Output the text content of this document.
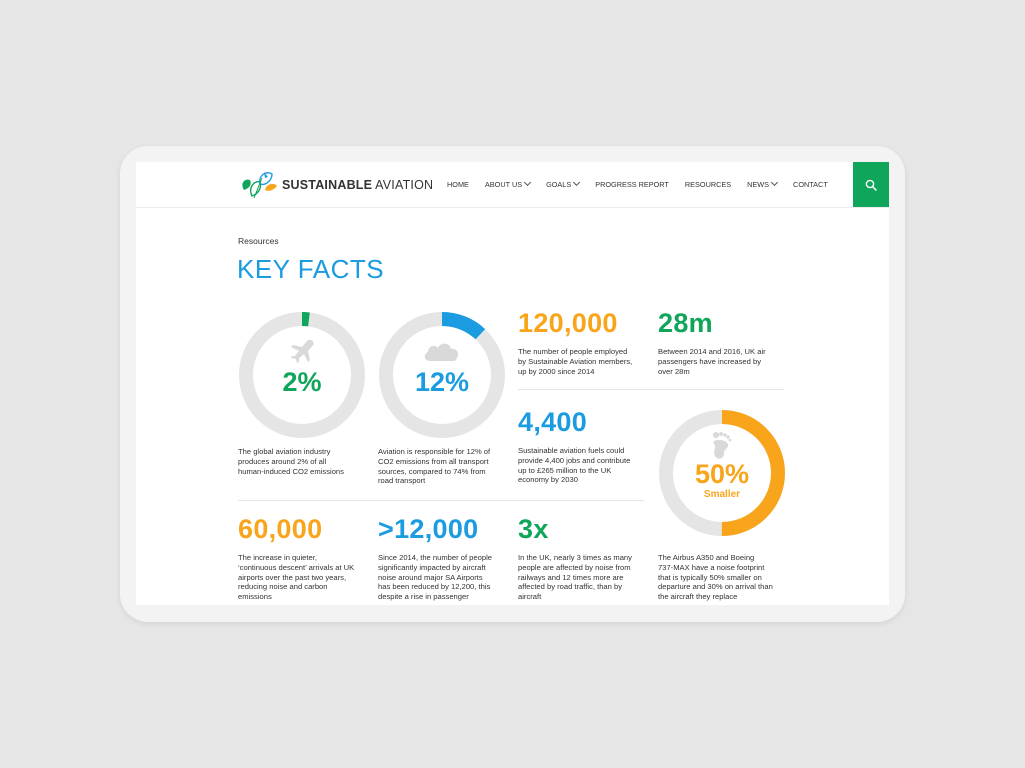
SUSTAINABLE AVIATION HOME ABOUT US	GOALS	PROGRESS REPORT RESOURCES NEWS	CONTACT
Resources
KEY FACTS
2%	12%
120,000
The number of people employed
by Sustainable Aviation members,
up by 2000 since 2014
28m
Between 2014 and 2016, UK air
passengers have increased by
over 28m
4,400
Sustainable aviation fuels could
provide 4,400 jobs and contribute
up to £265 million to the UK
economy by 2030	50%
Smaller
The global aviation industry
produces around 2% of all
human-induced CO2 emissions
Aviation is responsible for 12% of
CO2 emissions from all transport
sources, compared to 74% from
road transport
60,000
The increase in quieter,
‘continuous descent’ arrivals at UK
airports over the past two years,
reducing noise and carbon
emissions
>12,000
Since 2014, the number of people
significantly impacted by aircraft
noise around major SA Airports
has been reduced by 12,200, this
despite a rise in passenger
3x
In the UK, nearly 3 times as many
people are affected by noise from
railways and 12 times more are
affected by road traffic, than by
aircraft
The Airbus A350 and Boeing
737-MAX have a noise footprint
that is typically 50% smaller on
departure and 30% on arrival than
the aircraft they replace
